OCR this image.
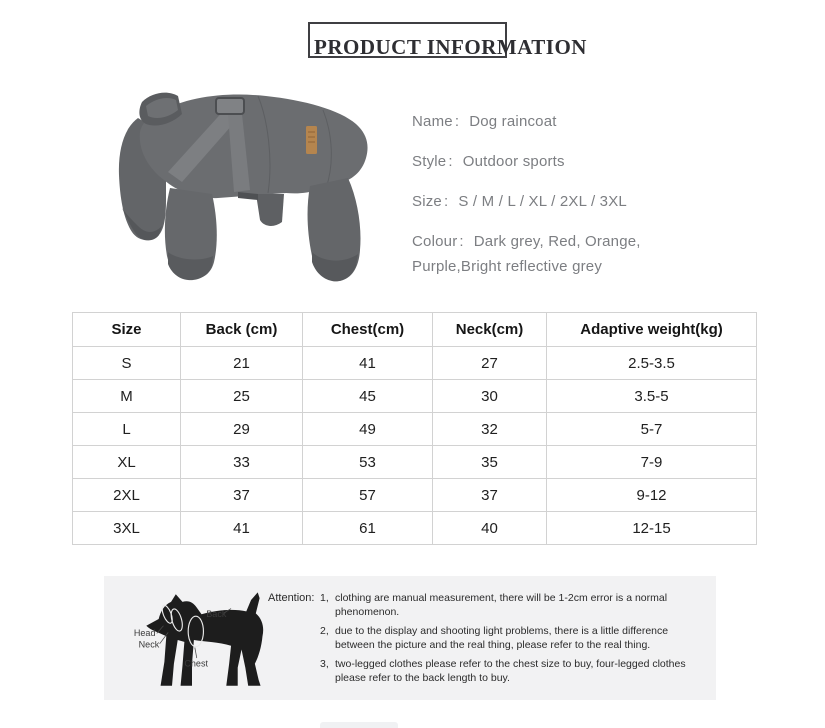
PRODUCT INFORMATION
Name : Dog raincoat
Style : Outdoor sports
Size : S / M / L / XL / 2XL / 3XL
Colour : Dark grey, Red, Orange, Purple,Bright reflective grey
Size	Back (cm)	Chest(cm)	Neck(cm)	Adaptive weight(kg)
S	21	41	27	2.5-3.5
M	25	45	30	3.5-5
L	29	49	32	5-7
XL	33	53	35	7-9
2XL	37	57	37	9-12
3XL	41	61	40	12-15
Back
Head
Neck
Chest
Attention: 1, clothing are manual measurement, there will be 1-2cm error is a normal phenomenon.
2, due to the display and shooting light problems, there is a little difference between the picture and the real thing, please refer to the real thing.
3, two-legged clothes please refer to the chest size to buy, four-legged clothes please refer to the back length to buy.
